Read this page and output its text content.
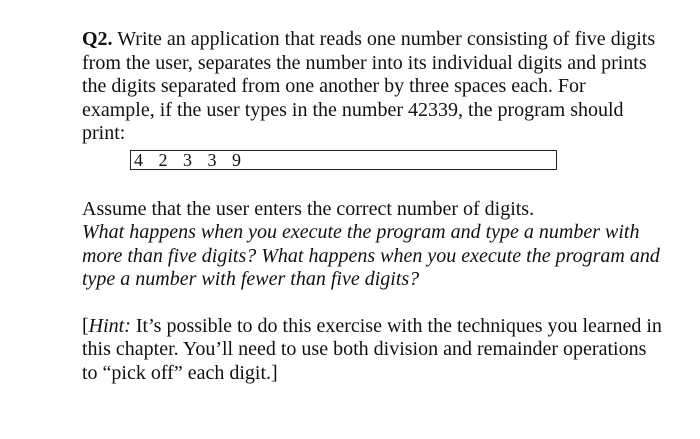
Q2. Write an application that reads one number consisting of five digits from the user, separates the number into its individual digits and prints the digits separated from one another by three spaces each. For example, if the user types in the number 42339, the program should print:

4   2   3   3   9

Assume that the user enters the correct number of digits.
What happens when you execute the program and type a number with more than five digits? What happens when you execute the program and type a number with fewer than five digits?

[Hint: It’s possible to do this exercise with the techniques you learned in this chapter. You’ll need to use both division and remainder operations to “pick off” each digit.]
